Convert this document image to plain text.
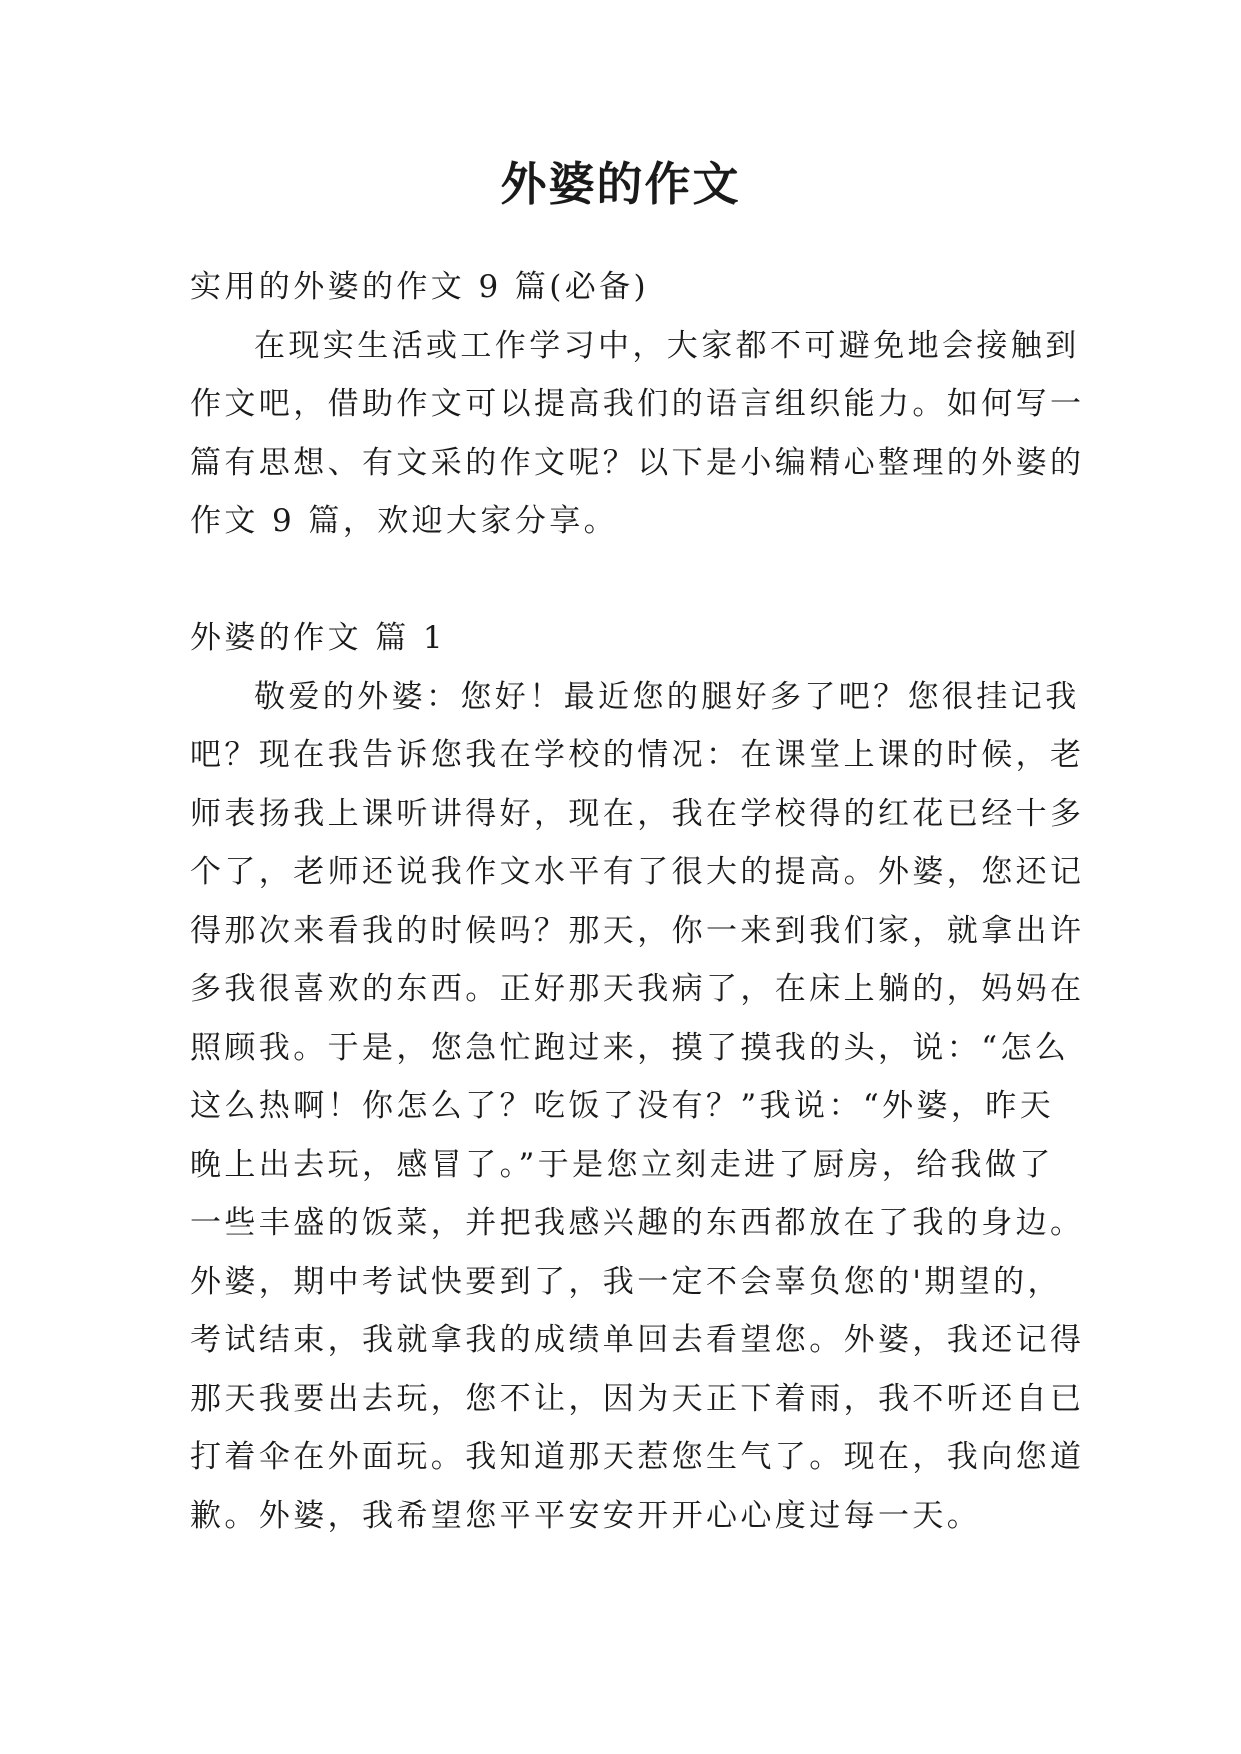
外婆的作文

实用的外婆的作文 9 篇(必备)

在现实生活或工作学习中，大家都不可避免地会接触到

作文吧，借助作文可以提高我们的语言组织能力。如何写一

篇有思想、有文采的作文呢？以下是小编精心整理的外婆的

作文 9 篇，欢迎大家分享。

外婆的作文 篇 1

敬爱的外婆：您好！最近您的腿好多了吧？您很挂记我

吧？现在我告诉您我在学校的情况：在课堂上课的时候，老

师表扬我上课听讲得好，现在，我在学校得的红花已经十多

个了，老师还说我作文水平有了很大的提高。外婆，您还记

得那次来看我的时候吗？那天，你一来到我们家，就拿出许

多我很喜欢的东西。正好那天我病了，在床上躺的，妈妈在

照顾我。于是，您急忙跑过来，摸了摸我的头，说：“怎么

这么热啊！你怎么了？吃饭了没有？”我说：“外婆，昨天

晚上出去玩，感冒了。”于是您立刻走进了厨房，给我做了

一些丰盛的饭菜，并把我感兴趣的东西都放在了我的身边。

外婆，期中考试快要到了，我一定不会辜负您的'期望的，

考试结束，我就拿我的成绩单回去看望您。外婆，我还记得

那天我要出去玩，您不让，因为天正下着雨，我不听还自已

打着伞在外面玩。我知道那天惹您生气了。现在，我向您道

歉。外婆，我希望您平平安安开开心心度过每一天。
